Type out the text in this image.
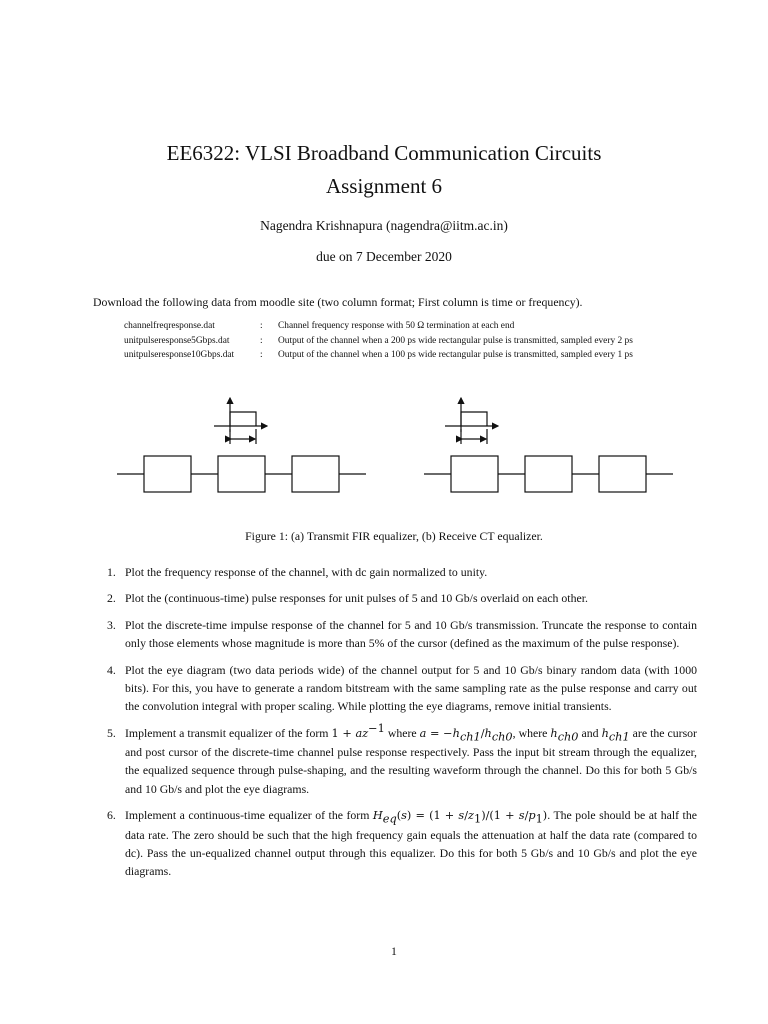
EE6322: VLSI Broadband Communication Circuits
Assignment 6
Nagendra Krishnapura (nagendra@iitm.ac.in)
due on 7 December 2020
Download the following data from moodle site (two column format; First column is time or frequency).
channelfreqresponse.dat	:	Channel frequency response with 50 Ω termination at each end
unitpulseresponse5Gbps.dat	:	Output of the channel when a 200 ps wide rectangular pulse is transmitted, sampled every 2 ps
unitpulseresponse10Gbps.dat	:	Output of the channel when a 100 ps wide rectangular pulse is transmitted, sampled every 1 ps
Figure 1: (a) Transmit FIR equalizer, (b) Receive CT equalizer.
1. Plot the frequency response of the channel, with dc gain normalized to unity.
2. Plot the (continuous-time) pulse responses for unit pulses of 5 and 10 Gb/s overlaid on each other.
3. Plot the discrete-time impulse response of the channel for 5 and 10 Gb/s transmission. Truncate the response to contain only those elements whose magnitude is more than 5% of the cursor (defined as the maximum of the pulse response).
4. Plot the eye diagram (two data periods wide) of the channel output for 5 and 10 Gb/s binary random data (with 1000 bits). For this, you have to generate a random bitstream with the same sampling rate as the pulse response and carry out the convolution integral with proper scaling. While plotting the eye diagrams, remove initial transients.
5. Implement a transmit equalizer of the form $1 + az^{-1}$ where $a = -h_{ch1}/h_{ch0}$, where $h_{ch0}$ and $h_{ch1}$ are the cursor and post cursor of the discrete-time channel pulse response respectively. Pass the input bit stream through the equalizer, the equalized sequence through pulse-shaping, and the resulting waveform through the channel. Do this for both 5 Gb/s and 10 Gb/s and plot the eye diagrams.
6. Implement a continuous-time equalizer of the form $H_{eq}(s) = (1 + s/z_1)/(1 + s/p_1)$. The pole should be at half the data rate. The zero should be such that the high frequency gain equals the attenuation at half the data rate (compared to dc). Pass the un-equalized channel output through this equalizer. Do this for both 5 Gb/s and 10 Gb/s and plot the eye diagrams.
1
